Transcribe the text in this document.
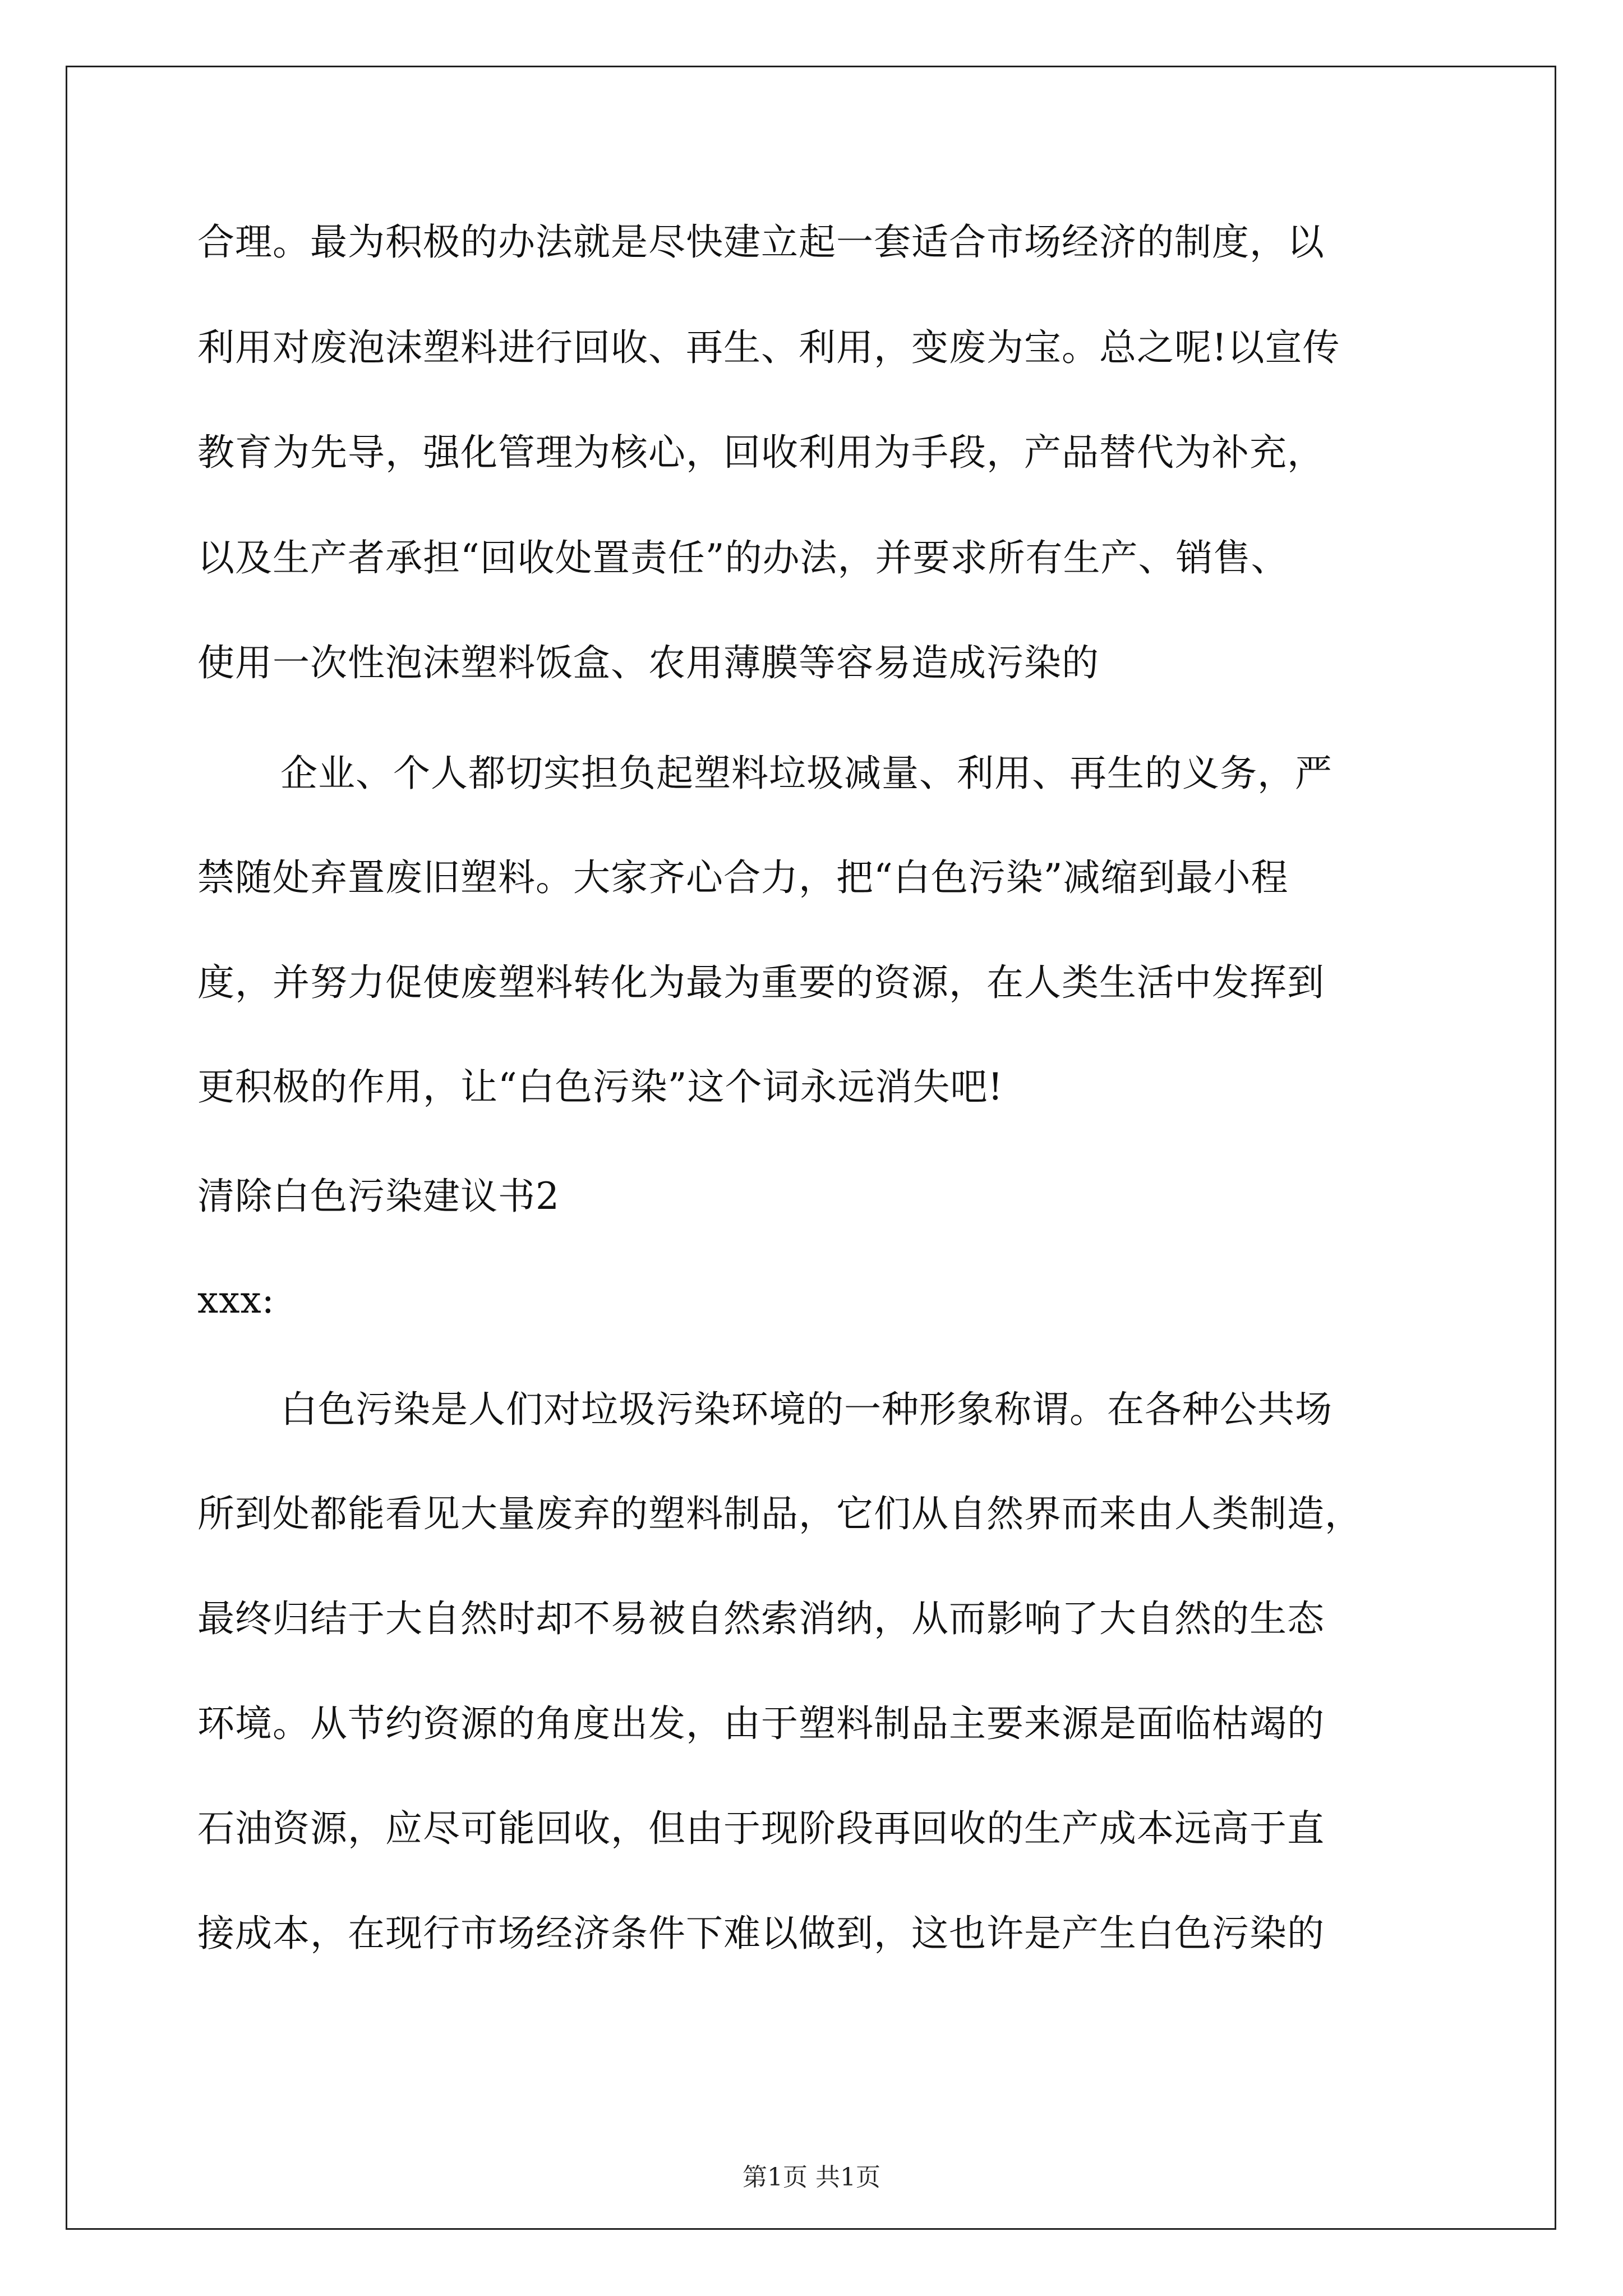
合理。最为积极的办法就是尽快建立起一套适合市场经济的制度，以
利用对废泡沫塑料进行回收、再生、利用，变废为宝。总之呢!以宣传
教育为先导，强化管理为核心，回收利用为手段，产品替代为补充，
以及生产者承担“回收处置责任”的办法，并要求所有生产、销售、
使用一次性泡沫塑料饭盒、农用薄膜等容易造成污染的
企业、个人都切实担负起塑料垃圾减量、利用、再生的义务，严
禁随处弃置废旧塑料。大家齐心合力，把“白色污染”减缩到最小程
度，并努力促使废塑料转化为最为重要的资源，在人类生活中发挥到
更积极的作用，让“白色污染”这个词永远消失吧!
清除白色污染建议书2
xxx:
白色污染是人们对垃圾污染环境的一种形象称谓。在各种公共场
所到处都能看见大量废弃的塑料制品，它们从自然界而来由人类制造，
最终归结于大自然时却不易被自然索消纳，从而影响了大自然的生态
环境。从节约资源的角度出发，由于塑料制品主要来源是面临枯竭的
石油资源，应尽可能回收，但由于现阶段再回收的生产成本远高于直
接成本，在现行市场经济条件下难以做到，这也许是产生白色污染的
第1页 共1页
